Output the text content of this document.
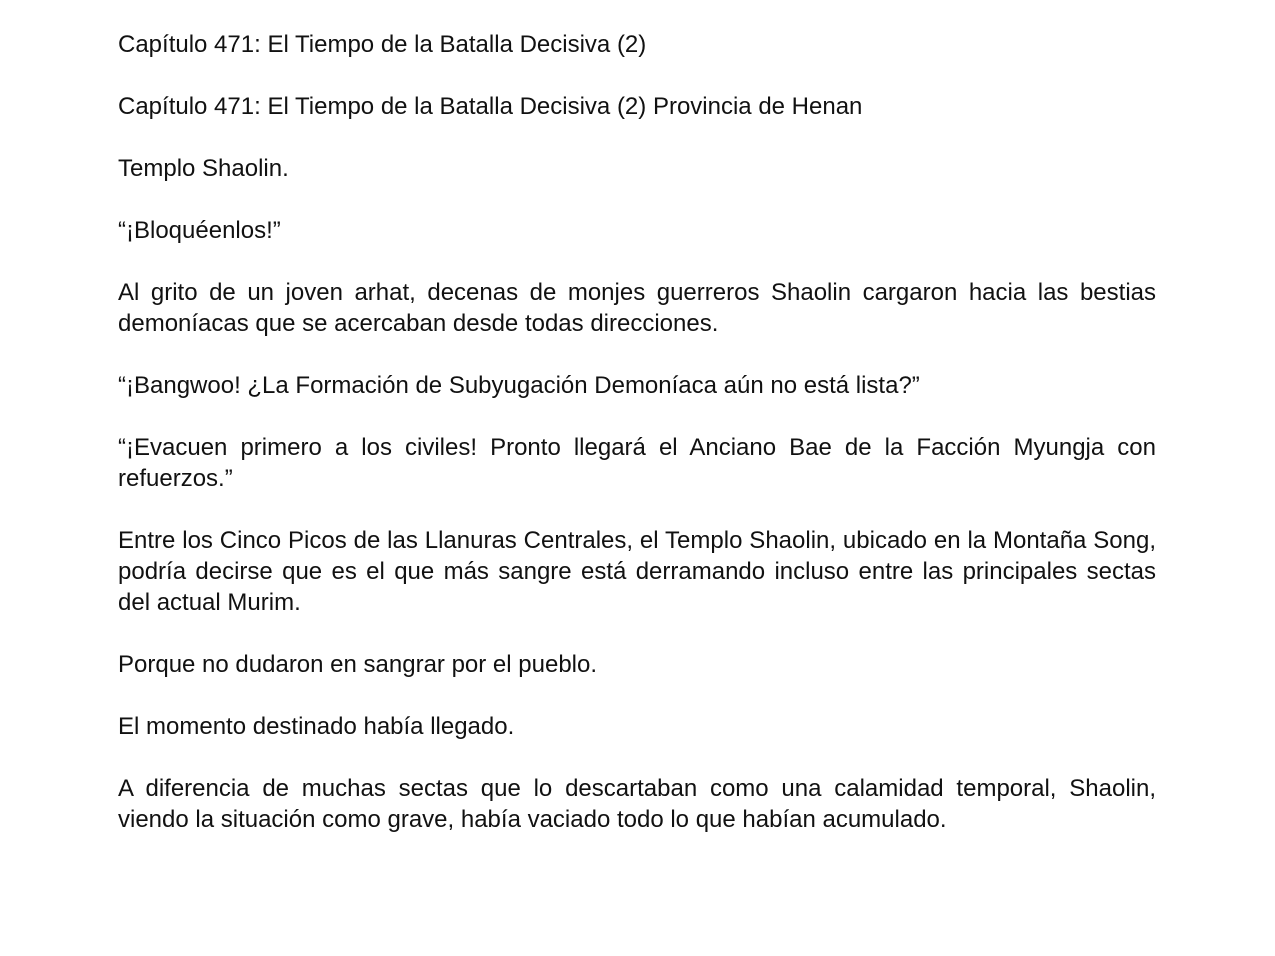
Capítulo 471: El Tiempo de la Batalla Decisiva (2)

Capítulo 471: El Tiempo de la Batalla Decisiva (2) Provincia de Henan

Templo Shaolin.

“¡Bloquéenlos!”

Al grito de un joven arhat, decenas de monjes guerreros Shaolin cargaron hacia las bestias demoníacas que se acercaban desde todas direcciones.

“¡Bangwoo! ¿La Formación de Subyugación Demoníaca aún no está lista?”

“¡Evacuen primero a los civiles! Pronto llegará el Anciano Bae de la Facción Myungja con refuerzos.”

Entre los Cinco Picos de las Llanuras Centrales, el Templo Shaolin, ubicado en la Montaña Song, podría decirse que es el que más sangre está derramando incluso entre las principales sectas del actual Murim.

Porque no dudaron en sangrar por el pueblo.

El momento destinado había llegado.

A diferencia de muchas sectas que lo descartaban como una calamidad temporal, Shaolin, viendo la situación como grave, había vaciado todo lo que habían acumulado.
